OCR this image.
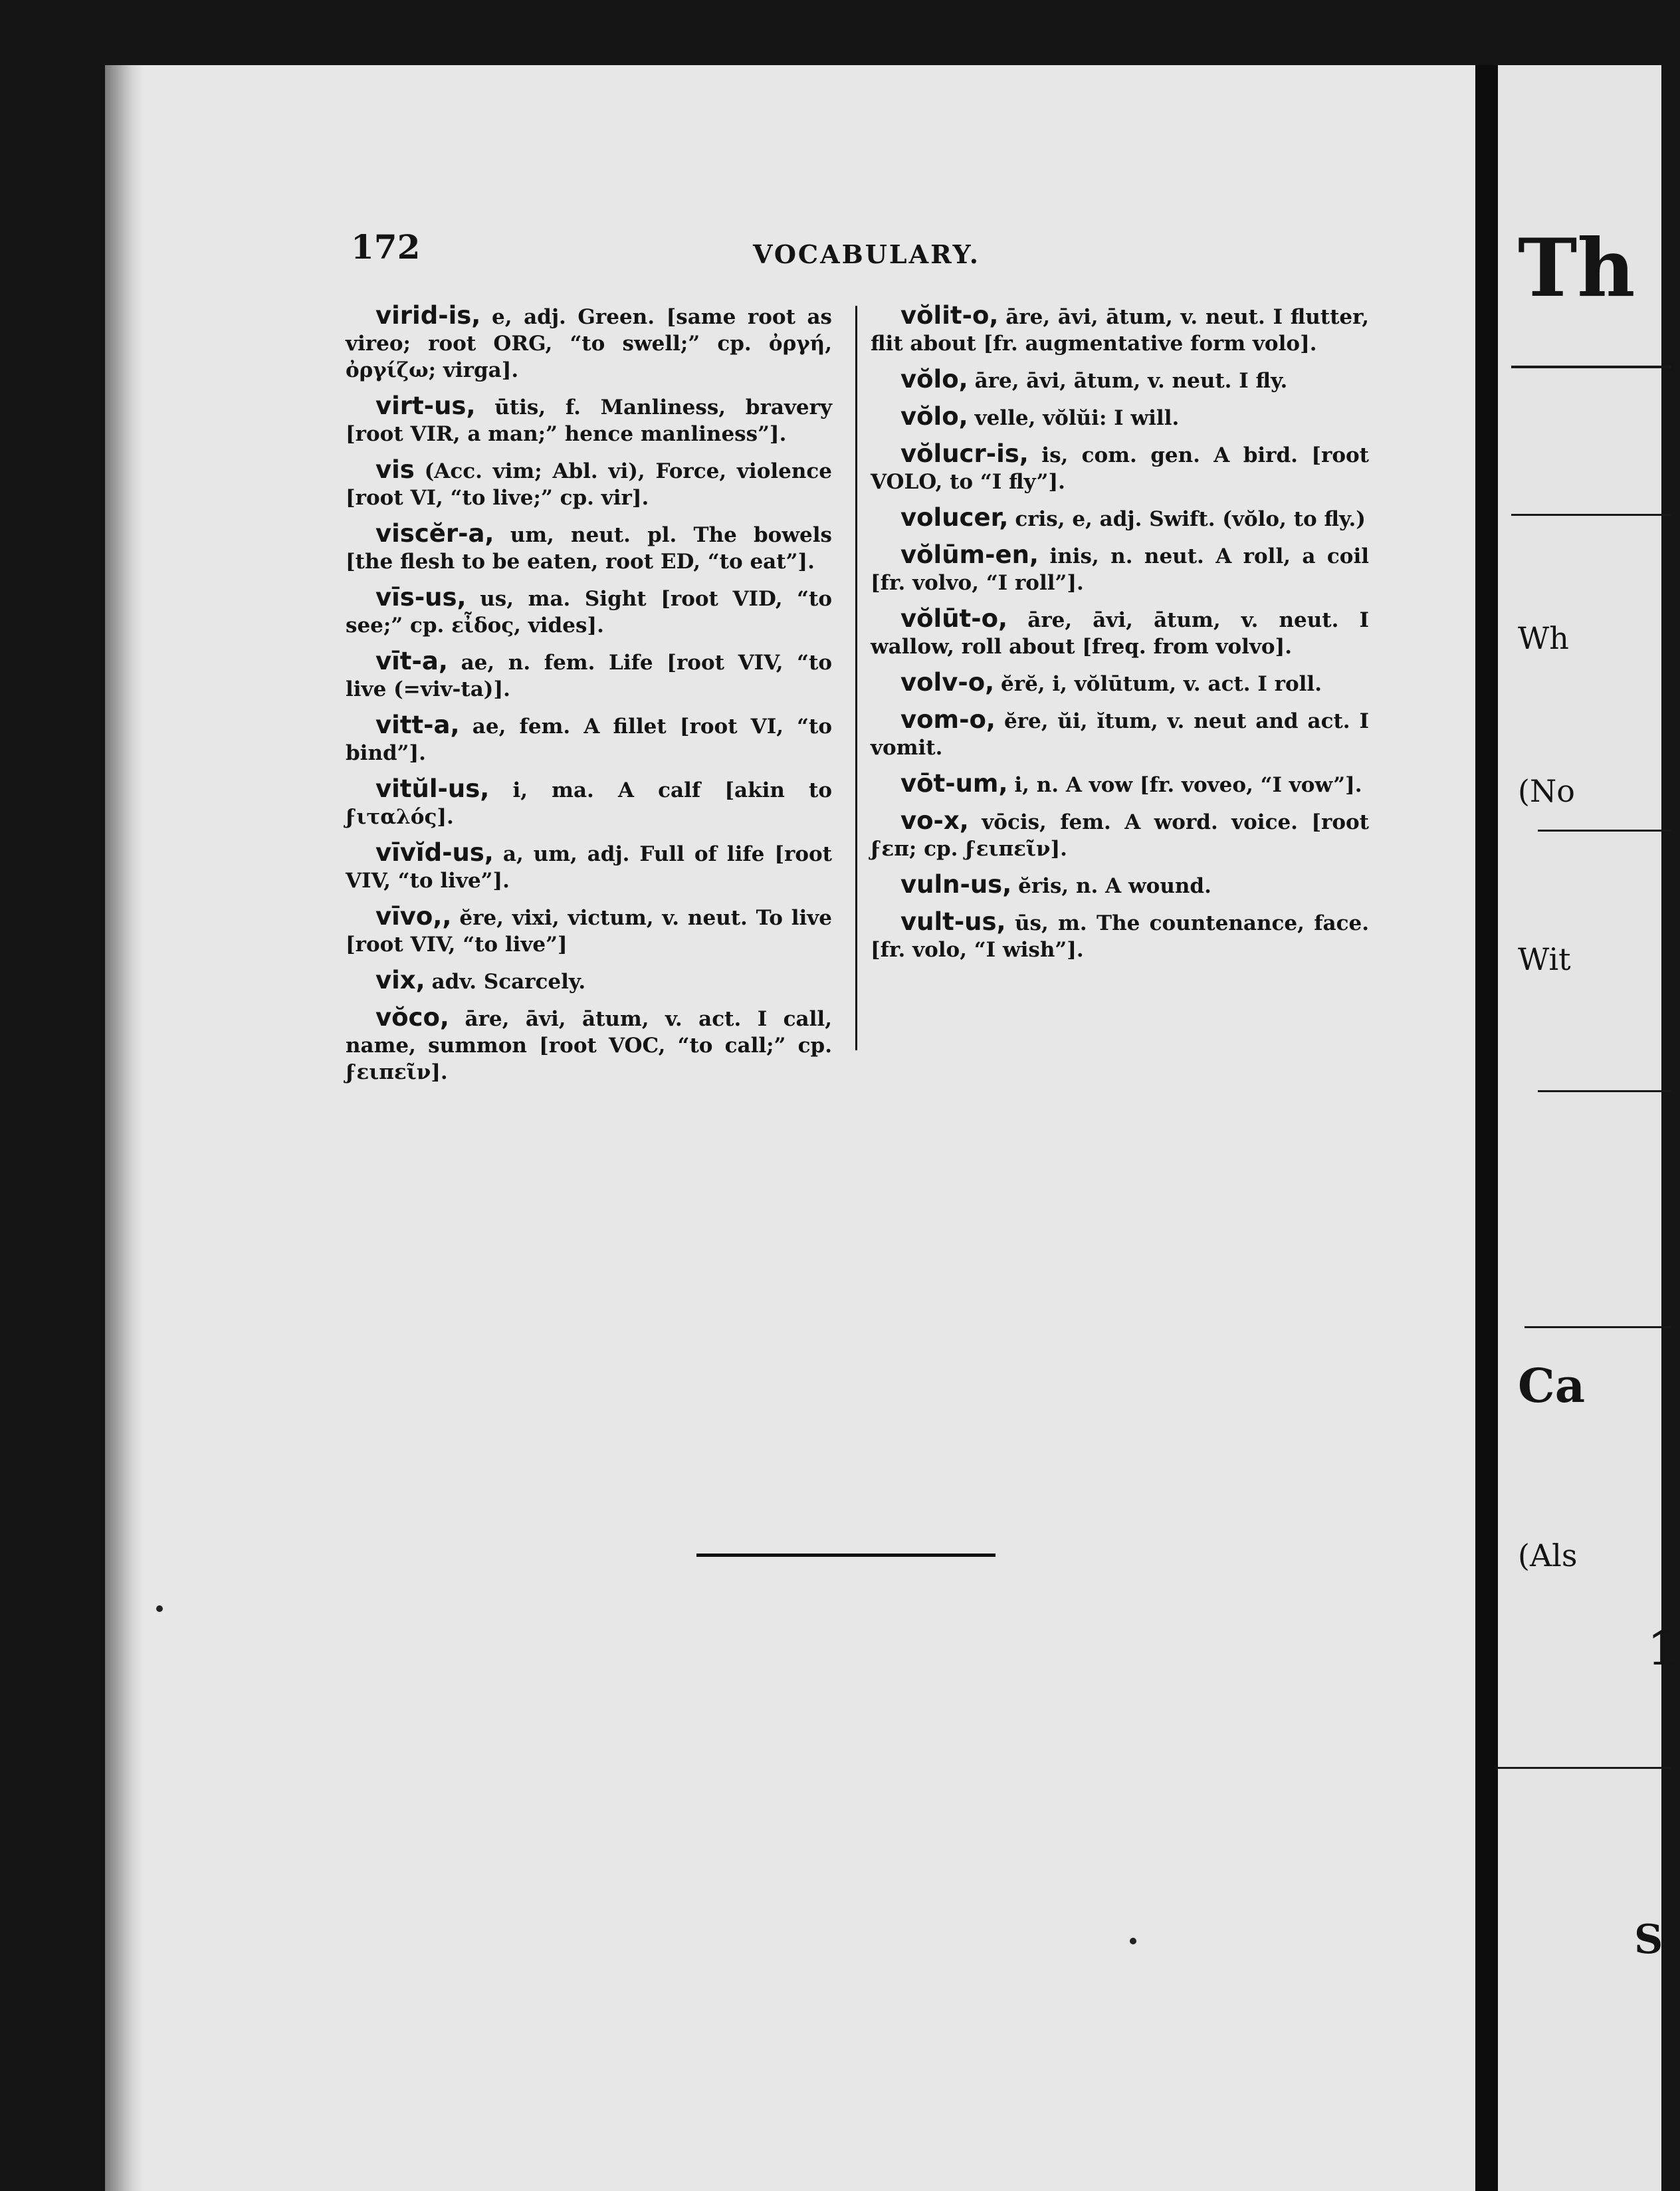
172	VOCABULARY.

virid-is, e, adj. Green. [same root as vireo; root ORG, “to swell;” cp. ὀργή, ὀργίζω; virga].

virt-us, ūtis, f. Manliness, bravery [root VIR, a man;” hence manliness”].

vis (Acc. vim; Abl. vi), Force, violence [root VI, “to live;” cp. vir].

viscĕr-a, um, neut. pl. The bowels [the flesh to be eaten, root ED, “to eat”].

vīs-us, us, ma. Sight [root VID, “to see;” cp. εἶδος, vides].

vīt-a, ae, n. fem. Life [root VIV, “to live (=viv-ta)].

vitt-a, ae, fem. A fillet [root VI, “to bind”].

vitŭl-us, i, ma. A calf [akin to ϝιταλός].

vīvĭd-us, a, um, adj. Full of life [root VIV, “to live”].

vīvo,, ĕre, vixi, victum, v. neut. To live [root VIV, “to live”]

vix, adv. Scarcely.

vŏco, āre, āvi, ātum, v. act. I call, name, summon [root VOC, “to call;” cp. ϝειπεῖν].

vŏlit-o, āre, āvi, ātum, v. neut. I flutter, flit about [fr. augmentative form volo].

vŏlo, āre, āvi, ātum, v. neut. I fly.

vŏlo, velle, vŏlŭi: I will.

vŏlucr-is, is, com. gen. A bird. [root VOLO, to “I fly”].

volucer, cris, e, adj. Swift. (vŏlo, to fly.)

vŏlūm-en, inis, n. neut. A roll, a coil [fr. volvo, “I roll”].

vŏlūt-o, āre, āvi, ātum, v. neut. I wallow, roll about [freq. from volvo].

volv-o, ĕrĕ, i, vŏlūtum, v. act. I roll.

vom-o, ĕre, ŭi, ĭtum, v. neut and act. I vomit.

vōt-um, i, n. A vow [fr. voveo, “I vow”].

vo-x, vōcis, fem. A word. voice. [root ϝεπ; cp. ϝειπεῖν].

vuln-us, ĕris, n. A wound.

vult-us, ūs, m. The countenance, face. [fr. volo, “I wish”].

Th
Wh
(No
Wit
Ca
(Als
1
S
